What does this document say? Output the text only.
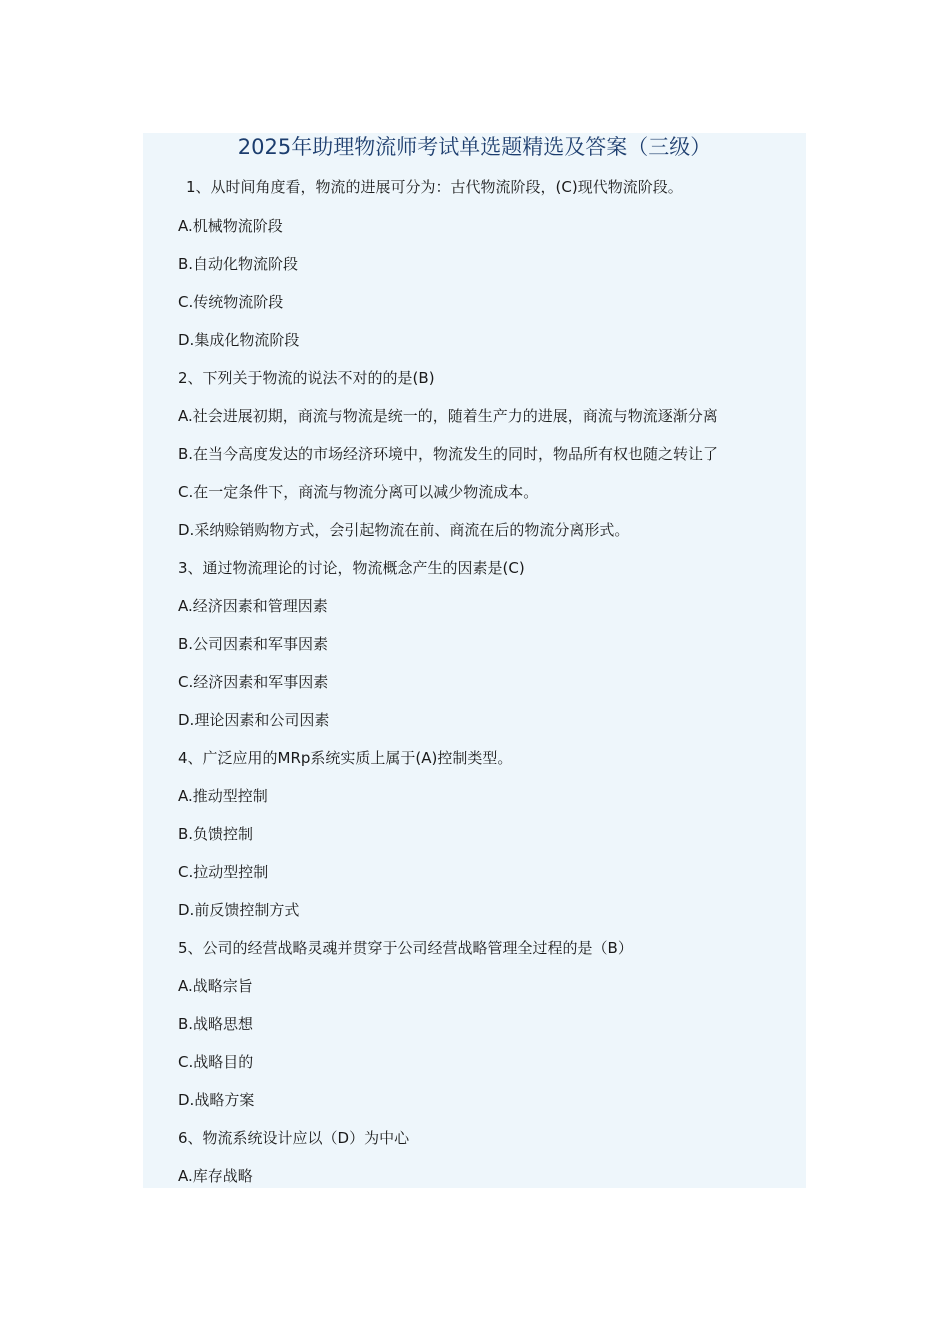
2025年助理物流师考试单选题精选及答案（三级）
1、从时间角度看，物流的进展可分为：古代物流阶段，(C)现代物流阶段。
A.机械物流阶段
B.自动化物流阶段
C.传统物流阶段
D.集成化物流阶段
2、下列关于物流的说法不对的的是(B)
A.社会进展初期，商流与物流是统一的，随着生产力的进展，商流与物流逐渐分离
B.在当今高度发达的市场经济环境中，物流发生的同时，物品所有权也随之转让了
C.在一定条件下，商流与物流分离可以减少物流成本。
D.采纳赊销购物方式，会引起物流在前、商流在后的物流分离形式。
3、通过物流理论的讨论，物流概念产生的因素是(C)
A.经济因素和管理因素
B.公司因素和军事因素
C.经济因素和军事因素
D.理论因素和公司因素
4、广泛应用的MRp系统实质上属于(A)控制类型。
A.推动型控制
B.负馈控制
C.拉动型控制
D.前反馈控制方式
5、公司的经营战略灵魂并贯穿于公司经营战略管理全过程的是（B）
A.战略宗旨
B.战略思想
C.战略目的
D.战略方案
6、物流系统设计应以（D）为中心
A.库存战略
